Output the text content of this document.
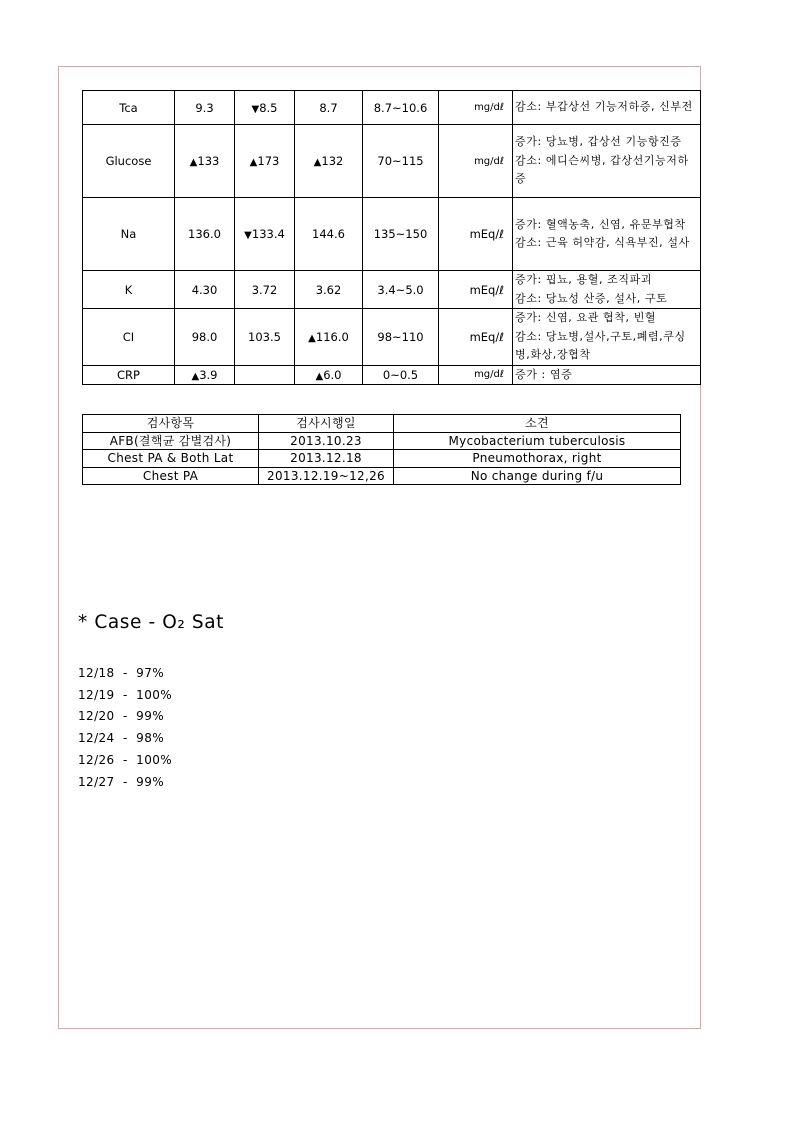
Tca	9.3	▼8.5	8.7	8.7~10.6	mg/dℓ	감소: 부갑상선 기능저하증, 신부전

Glucose	▲133	▲173	▲132	70~115	mg/dℓ	증가: 당뇨병, 갑상선 기능항진증
감소: 에디슨씨병, 갑상선기능저하증

Na	136.0	▼133.4	144.6	135~150	mEq/ℓ	증가: 혈액농축, 신염, 유문부협착
감소: 근육 허약감, 식욕부진, 설사

K	4.30	3.72	3.62	3.4~5.0	mEq/ℓ	증가: 핍뇨, 용혈, 조직파괴
감소: 당뇨성 산증, 설사, 구토

CI	98.0	103.5	▲116.0	98~110	mEq/ℓ	증가: 신염, 요관 협착, 빈혈
감소: 당뇨병,설사,구토,폐렴,쿠싱병,화상,장협착

CRP	▲3.9		▲6.0	0~0.5	mg/dℓ	증가 : 염증
검사항목	검사시행일	소견
AFB(결핵균 감별검사)	2013.10.23	Mycobacterium tuberculosis
Chest PA & Both Lat	2013.12.18	Pneumothorax, right
Chest PA	2013.12.19~12,26	No change during f/u
* Case - O₂ Sat
12/18  -  97%
12/19  -  100%
12/20  -  99%
12/24  -  98%
12/26  -  100%
12/27  -  99%
